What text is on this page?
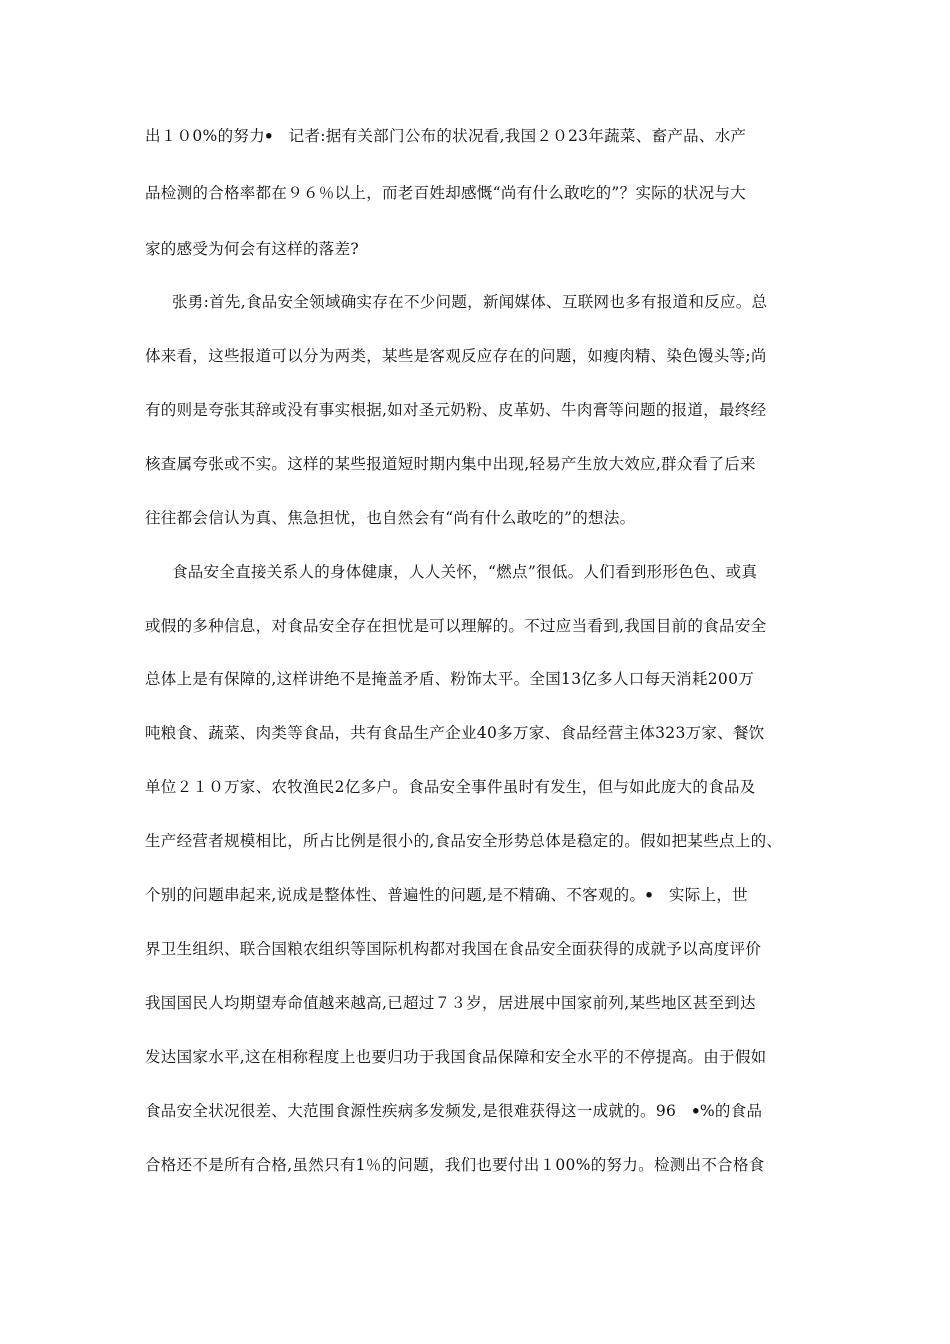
出１０0%的努力ꔷ　记者:据有关部门公布的状况看,我国２０23年蔬菜、畜产品、水产
品检测的合格率都在９６％以上，而老百姓却感慨“尚有什么敢吃的”？实际的状况与大
家的感受为何会有这样的落差?
张勇:首先,食品安全领域确实存在不少问题，新闻媒体、互联网也多有报道和反应。总
体来看，这些报道可以分为两类，某些是客观反应存在的问题，如瘦肉精、染色馒头等;尚
有的则是夸张其辞或没有事实根据,如对圣元奶粉、皮革奶、牛肉膏等问题的报道，最终经
核查属夸张或不实。这样的某些报道短时期内集中出现,轻易产生放大效应,群众看了后来
往往都会信认为真、焦急担忧，也自然会有“尚有什么敢吃的”的想法。
食品安全直接关系人的身体健康，人人关怀，“燃点”很低。人们看到形形色色、或真
或假的多种信息，对食品安全存在担忧是可以理解的。不过应当看到,我国目前的食品安全
总体上是有保障的,这样讲绝不是掩盖矛盾、粉饰太平。全国13亿多人口每天消耗200万
吨粮食、蔬菜、肉类等食品，共有食品生产企业40多万家、食品经营主体323万家、餐饮
单位２１０万家、农牧渔民2亿多户。食品安全事件虽时有发生，但与如此庞大的食品及
生产经营者规模相比，所占比例是很小的,食品安全形势总体是稳定的。假如把某些点上的、
个别的问题串起来,说成是整体性、普遍性的问题,是不精确、不客观的。ꔷ　实际上，世
界卫生组织、联合国粮农组织等国际机构都对我国在食品安全面获得的成就予以高度评价
我国国民人均期望寿命值越来越高,已超过７３岁，居进展中国家前列,某些地区甚至到达
发达国家水平,这在相称程度上也要归功于我国食品保障和安全水平的不停提高。由于假如
食品安全状况很差、大范围食源性疾病多发频发,是很难获得这一成就的。96　ꔷ%的食品
合格还不是所有合格,虽然只有1％的问题，我们也要付出１00%的努力。检测出不合格食
